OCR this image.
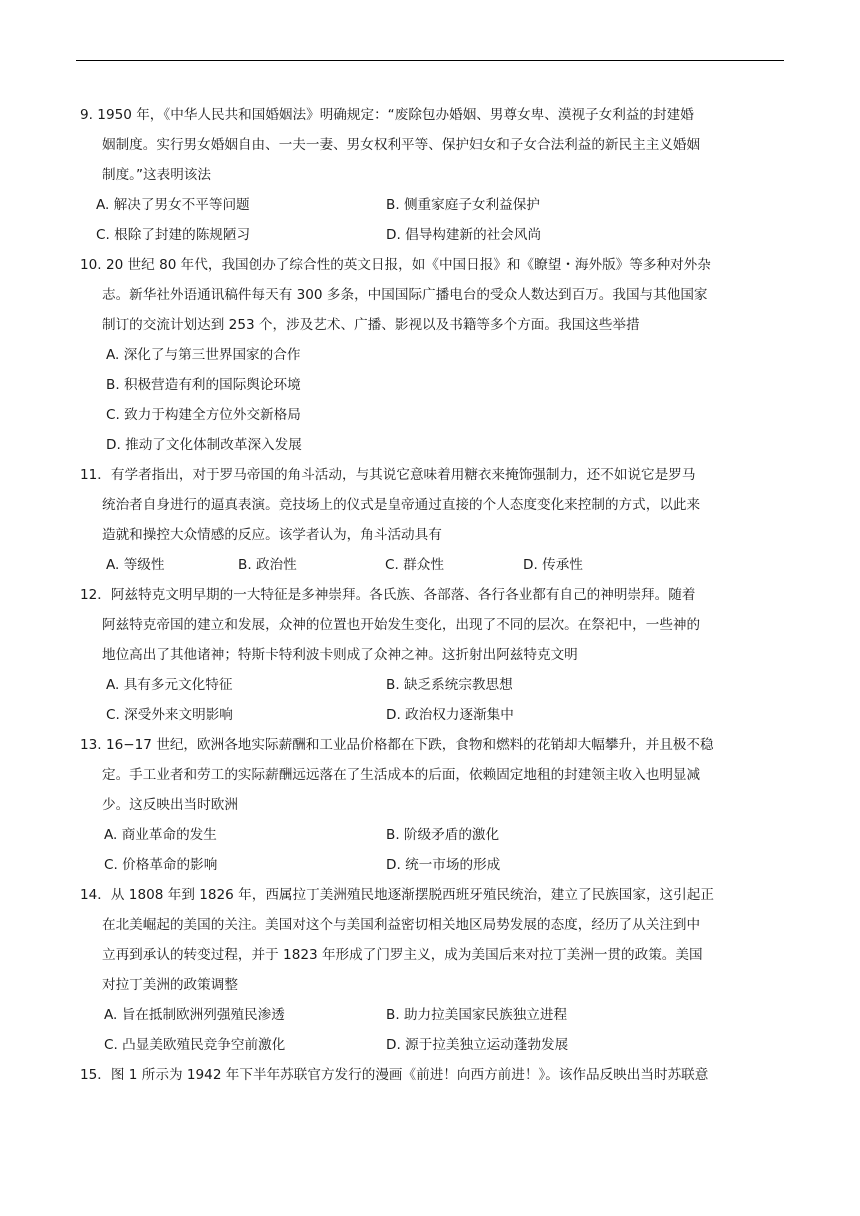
9. 1950 年，《中华人民共和国婚姻法》明确规定：“废除包办婚姻、男尊女卑、漠视子女利益的封建婚
姻制度。实行男女婚姻自由、一夫一妻、男女权利平等、保护妇女和子女合法利益的新民主主义婚姻
制度。”这表明该法
A. 解决了男女不平等问题	B. 侧重家庭子女利益保护
C. 根除了封建的陈规陋习	D. 倡导构建新的社会风尚
10. 20 世纪 80 年代，我国创办了综合性的英文日报，如《中国日报》和《瞭望・海外版》等多种对外杂
志。新华社外语通讯稿件每天有 300 多条，中国国际广播电台的受众人数达到百万。我国与其他国家
制订的交流计划达到 253 个，涉及艺术、广播、影视以及书籍等多个方面。我国这些举措
A. 深化了与第三世界国家的合作
B. 积极营造有利的国际舆论环境
C. 致力于构建全方位外交新格局
D. 推动了文化体制改革深入发展
11．有学者指出，对于罗马帝国的角斗活动，与其说它意味着用糖衣来掩饰强制力，还不如说它是罗马
统治者自身进行的逼真表演。竞技场上的仪式是皇帝通过直接的个人态度变化来控制的方式，以此来
造就和操控大众情感的反应。该学者认为，角斗活动具有
A. 等级性	B. 政治性	C. 群众性	D. 传承性
12．阿兹特克文明早期的一大特征是多神崇拜。各氏族、各部落、各行各业都有自己的神明崇拜。随着
阿兹特克帝国的建立和发展，众神的位置也开始发生变化，出现了不同的层次。在祭祀中，一些神的
地位高出了其他诸神；特斯卡特利波卡则成了众神之神。这折射出阿兹特克文明
A. 具有多元文化特征	B. 缺乏系统宗教思想
C. 深受外来文明影响	D. 政治权力逐渐集中
13. 16−17 世纪，欧洲各地实际薪酬和工业品价格都在下跌，食物和燃料的花销却大幅攀升，并且极不稳
定。手工业者和劳工的实际薪酬远远落在了生活成本的后面，依赖固定地租的封建领主收入也明显减
少。这反映出当时欧洲
A. 商业革命的发生	B. 阶级矛盾的激化
C. 价格革命的影响	D. 统一市场的形成
14．从 1808 年到 1826 年，西属拉丁美洲殖民地逐渐摆脱西班牙殖民统治，建立了民族国家，这引起正
在北美崛起的美国的关注。美国对这个与美国利益密切相关地区局势发展的态度，经历了从关注到中
立再到承认的转变过程，并于 1823 年形成了门罗主义，成为美国后来对拉丁美洲一贯的政策。美国
对拉丁美洲的政策调整
A. 旨在抵制欧洲列强殖民渗透	B. 助力拉美国家民族独立进程
C. 凸显美欧殖民竞争空前激化	D. 源于拉美独立运动蓬勃发展
15．图 1 所示为 1942 年下半年苏联官方发行的漫画《前进！向西方前进！》。该作品反映出当时苏联意
